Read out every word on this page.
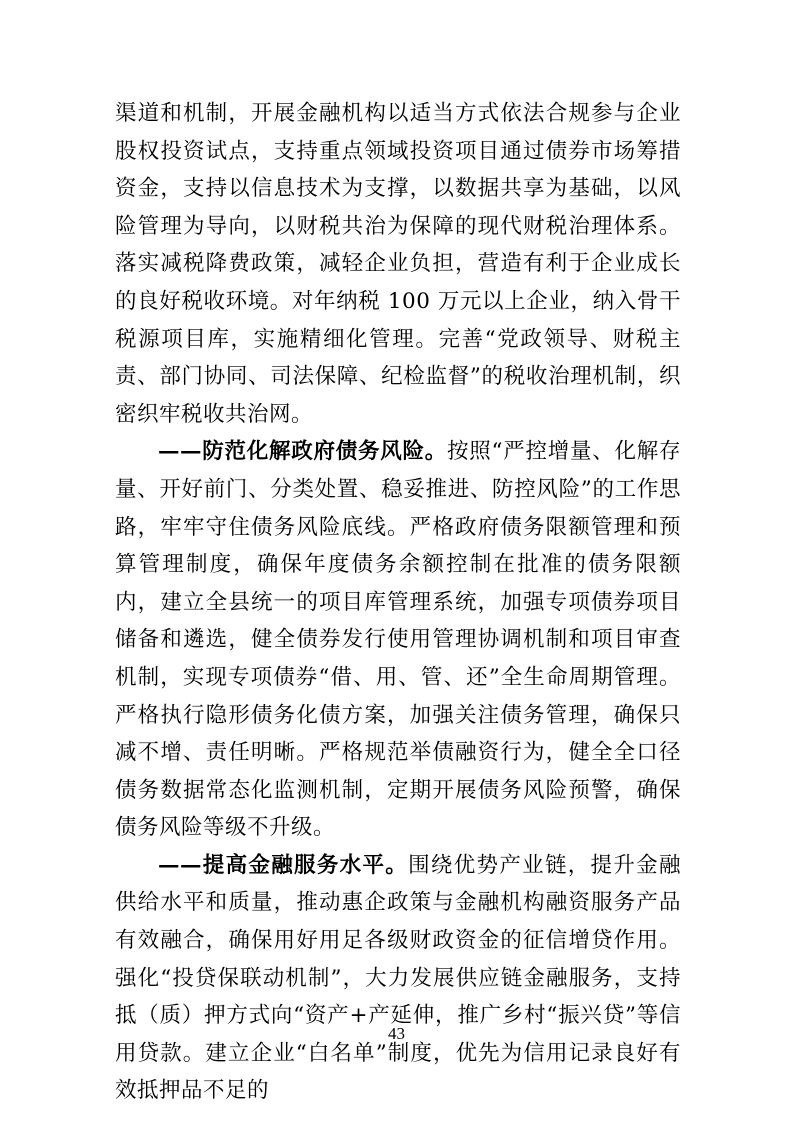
渠道和机制，开展金融机构以适当方式依法合规参与企业股权投资试点，支持重点领域投资项目通过债券市场筹措资金，支持以信息技术为支撑，以数据共享为基础，以风险管理为导向，以财税共治为保障的现代财税治理体系。落实减税降费政策，减轻企业负担，营造有利于企业成长的良好税收环境。对年纳税 100 万元以上企业，纳入骨干税源项目库，实施精细化管理。完善“党政领导、财税主责、部门协同、司法保障、纪检监督”的税收治理机制，织密织牢税收共治网。

——防范化解政府债务风险。按照“严控增量、化解存量、开好前门、分类处置、稳妥推进、防控风险”的工作思路，牢牢守住债务风险底线。严格政府债务限额管理和预算管理制度，确保年度债务余额控制在批准的债务限额内，建立全县统一的项目库管理系统，加强专项债券项目储备和遴选，健全债券发行使用管理协调机制和项目审查机制，实现专项债券“借、用、管、还”全生命周期管理。严格执行隐形债务化债方案，加强关注债务管理，确保只减不增、责任明晰。严格规范举债融资行为，健全全口径债务数据常态化监测机制，定期开展债务风险预警，确保债务风险等级不升级。

——提高金融服务水平。围绕优势产业链，提升金融供给水平和质量，推动惠企政策与金融机构融资服务产品有效融合，确保用好用足各级财政资金的征信增贷作用。强化“投贷保联动机制”，大力发展供应链金融服务，支持抵（质）押方式向“资产+产延伸，推广乡村“振兴贷”等信用贷款。建立企业“白名单”制度，优先为信用记录良好有效抵押品不足的

43
